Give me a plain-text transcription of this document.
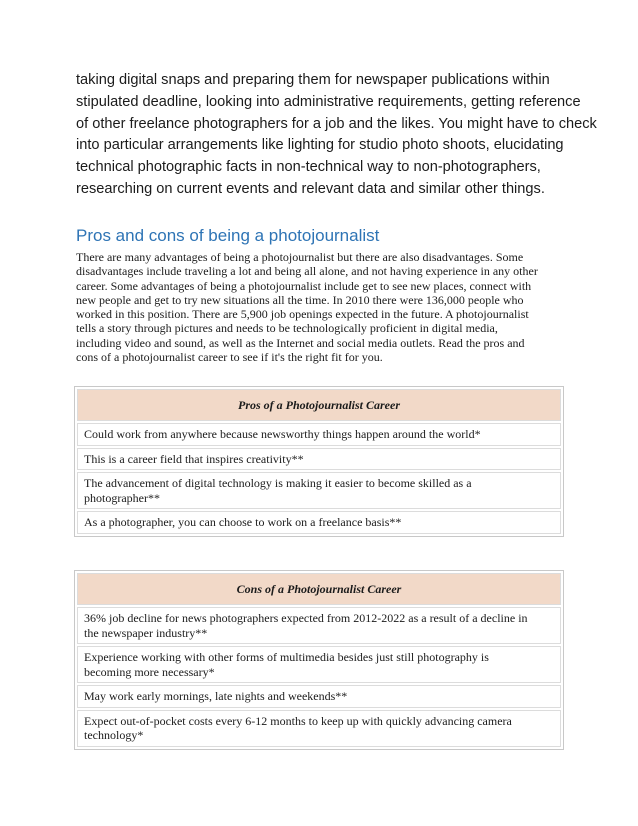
taking digital snaps and preparing them for newspaper publications within
stipulated deadline, looking into administrative requirements, getting reference
of other freelance photographers for a job and the likes. You might have to check
into particular arrangements like lighting for studio photo shoots, elucidating
technical photographic facts in non-technical way to non-photographers,
researching on current events and relevant data and similar other things.
Pros and cons of being a photojournalist
There are many advantages of being a photojournalist but there are also disadvantages. Some
disadvantages include traveling a lot and being all alone, and not having experience in any other
career. Some advantages of being a photojournalist include get to see new places, connect with
new people and get to try new situations all the time. In 2010 there were 136,000 people who
worked in this position. There are 5,900 job openings expected in the future. A photojournalist
tells a story through pictures and needs to be technologically proficient in digital media,
including video and sound, as well as the Internet and social media outlets. Read the pros and
cons of a photojournalist career to see if it's the right fit for you.
Pros of a Photojournalist Career

Could work from anywhere because newsworthy things happen around the world*

This is a career field that inspires creativity**

The advancement of digital technology is making it easier to become skilled as a
photographer**

As a photographer, you can choose to work on a freelance basis**
Cons of a Photojournalist Career

36% job decline for news photographers expected from 2012-2022 as a result of a decline in
the newspaper industry**

Experience working with other forms of multimedia besides just still photography is
becoming more necessary*

May work early mornings, late nights and weekends**

Expect out-of-pocket costs every 6-12 months to keep up with quickly advancing camera
technology*
